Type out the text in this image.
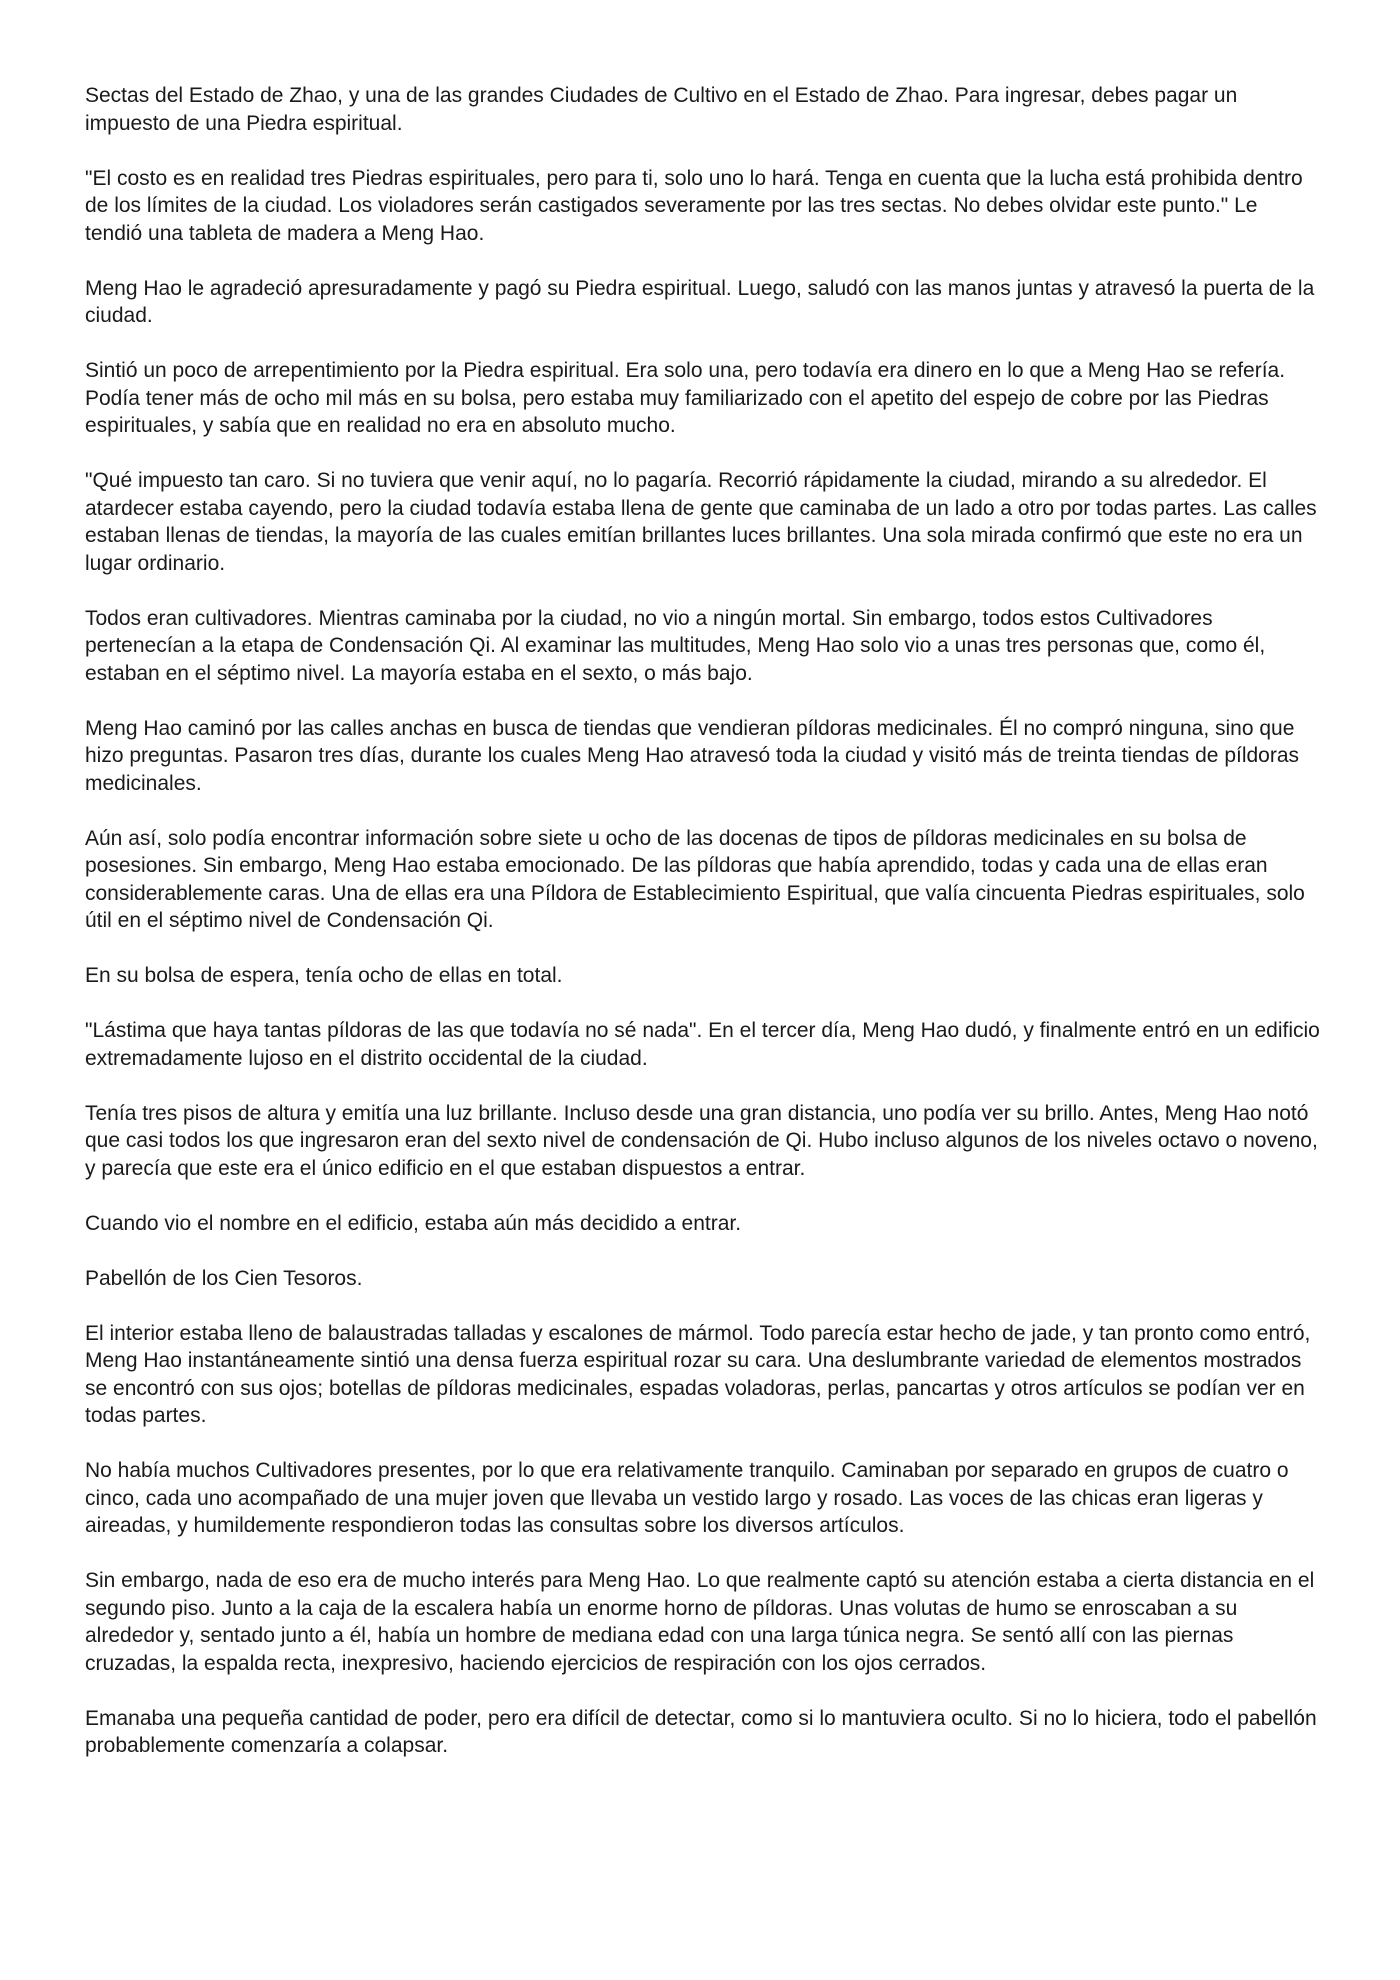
Sectas del Estado de Zhao, y una de las grandes Ciudades de Cultivo en el Estado de Zhao. Para ingresar, debes pagar un impuesto de una Piedra espiritual.

"El costo es en realidad tres Piedras espirituales, pero para ti, solo uno lo hará. Tenga en cuenta que la lucha está prohibida dentro de los límites de la ciudad. Los violadores serán castigados severamente por las tres sectas. No debes olvidar este punto." Le tendió una tableta de madera a Meng Hao.

Meng Hao le agradeció apresuradamente y pagó su Piedra espiritual. Luego, saludó con las manos juntas y atravesó la puerta de la ciudad.

Sintió un poco de arrepentimiento por la Piedra espiritual. Era solo una, pero todavía era dinero en lo que a Meng Hao se refería. Podía tener más de ocho mil más en su bolsa, pero estaba muy familiarizado con el apetito del espejo de cobre por las Piedras espirituales, y sabía que en realidad no era en absoluto mucho.

"Qué impuesto tan caro. Si no tuviera que venir aquí, no lo pagaría. Recorrió rápidamente la ciudad, mirando a su alrededor. El atardecer estaba cayendo, pero la ciudad todavía estaba llena de gente que caminaba de un lado a otro por todas partes. Las calles estaban llenas de tiendas, la mayoría de las cuales emitían brillantes luces brillantes. Una sola mirada confirmó que este no era un lugar ordinario.

Todos eran cultivadores. Mientras caminaba por la ciudad, no vio a ningún mortal. Sin embargo, todos estos Cultivadores pertenecían a la etapa de Condensación Qi. Al examinar las multitudes, Meng Hao solo vio a unas tres personas que, como él, estaban en el séptimo nivel. La mayoría estaba en el sexto, o más bajo.

Meng Hao caminó por las calles anchas en busca de tiendas que vendieran píldoras medicinales. Él no compró ninguna, sino que hizo preguntas. Pasaron tres días, durante los cuales Meng Hao atravesó toda la ciudad y visitó más de treinta tiendas de píldoras medicinales.

Aún así, solo podía encontrar información sobre siete u ocho de las docenas de tipos de píldoras medicinales en su bolsa de posesiones. Sin embargo, Meng Hao estaba emocionado. De las píldoras que había aprendido, todas y cada una de ellas eran considerablemente caras. Una de ellas era una Píldora de Establecimiento Espiritual, que valía cincuenta Piedras espirituales, solo útil en el séptimo nivel de Condensación Qi.

En su bolsa de espera, tenía ocho de ellas en total.

"Lástima que haya tantas píldoras de las que todavía no sé nada". En el tercer día, Meng Hao dudó, y finalmente entró en un edificio extremadamente lujoso en el distrito occidental de la ciudad.

Tenía tres pisos de altura y emitía una luz brillante. Incluso desde una gran distancia, uno podía ver su brillo. Antes, Meng Hao notó que casi todos los que ingresaron eran del sexto nivel de condensación de Qi. Hubo incluso algunos de los niveles octavo o noveno, y parecía que este era el único edificio en el que estaban dispuestos a entrar.

Cuando vio el nombre en el edificio, estaba aún más decidido a entrar.

Pabellón de los Cien Tesoros.

El interior estaba lleno de balaustradas talladas y escalones de mármol. Todo parecía estar hecho de jade, y tan pronto como entró, Meng Hao instantáneamente sintió una densa fuerza espiritual rozar su cara. Una deslumbrante variedad de elementos mostrados se encontró con sus ojos; botellas de píldoras medicinales, espadas voladoras, perlas, pancartas y otros artículos se podían ver en todas partes.

No había muchos Cultivadores presentes, por lo que era relativamente tranquilo. Caminaban por separado en grupos de cuatro o cinco, cada uno acompañado de una mujer joven que llevaba un vestido largo y rosado. Las voces de las chicas eran ligeras y aireadas, y humildemente respondieron todas las consultas sobre los diversos artículos.

Sin embargo, nada de eso era de mucho interés para Meng Hao. Lo que realmente captó su atención estaba a cierta distancia en el segundo piso. Junto a la caja de la escalera había un enorme horno de píldoras. Unas volutas de humo se enroscaban a su alrededor y, sentado junto a él, había un hombre de mediana edad con una larga túnica negra. Se sentó allí con las piernas cruzadas, la espalda recta, inexpresivo, haciendo ejercicios de respiración con los ojos cerrados.

Emanaba una pequeña cantidad de poder, pero era difícil de detectar, como si lo mantuviera oculto. Si no lo hiciera, todo el pabellón probablemente comenzaría a colapsar.
